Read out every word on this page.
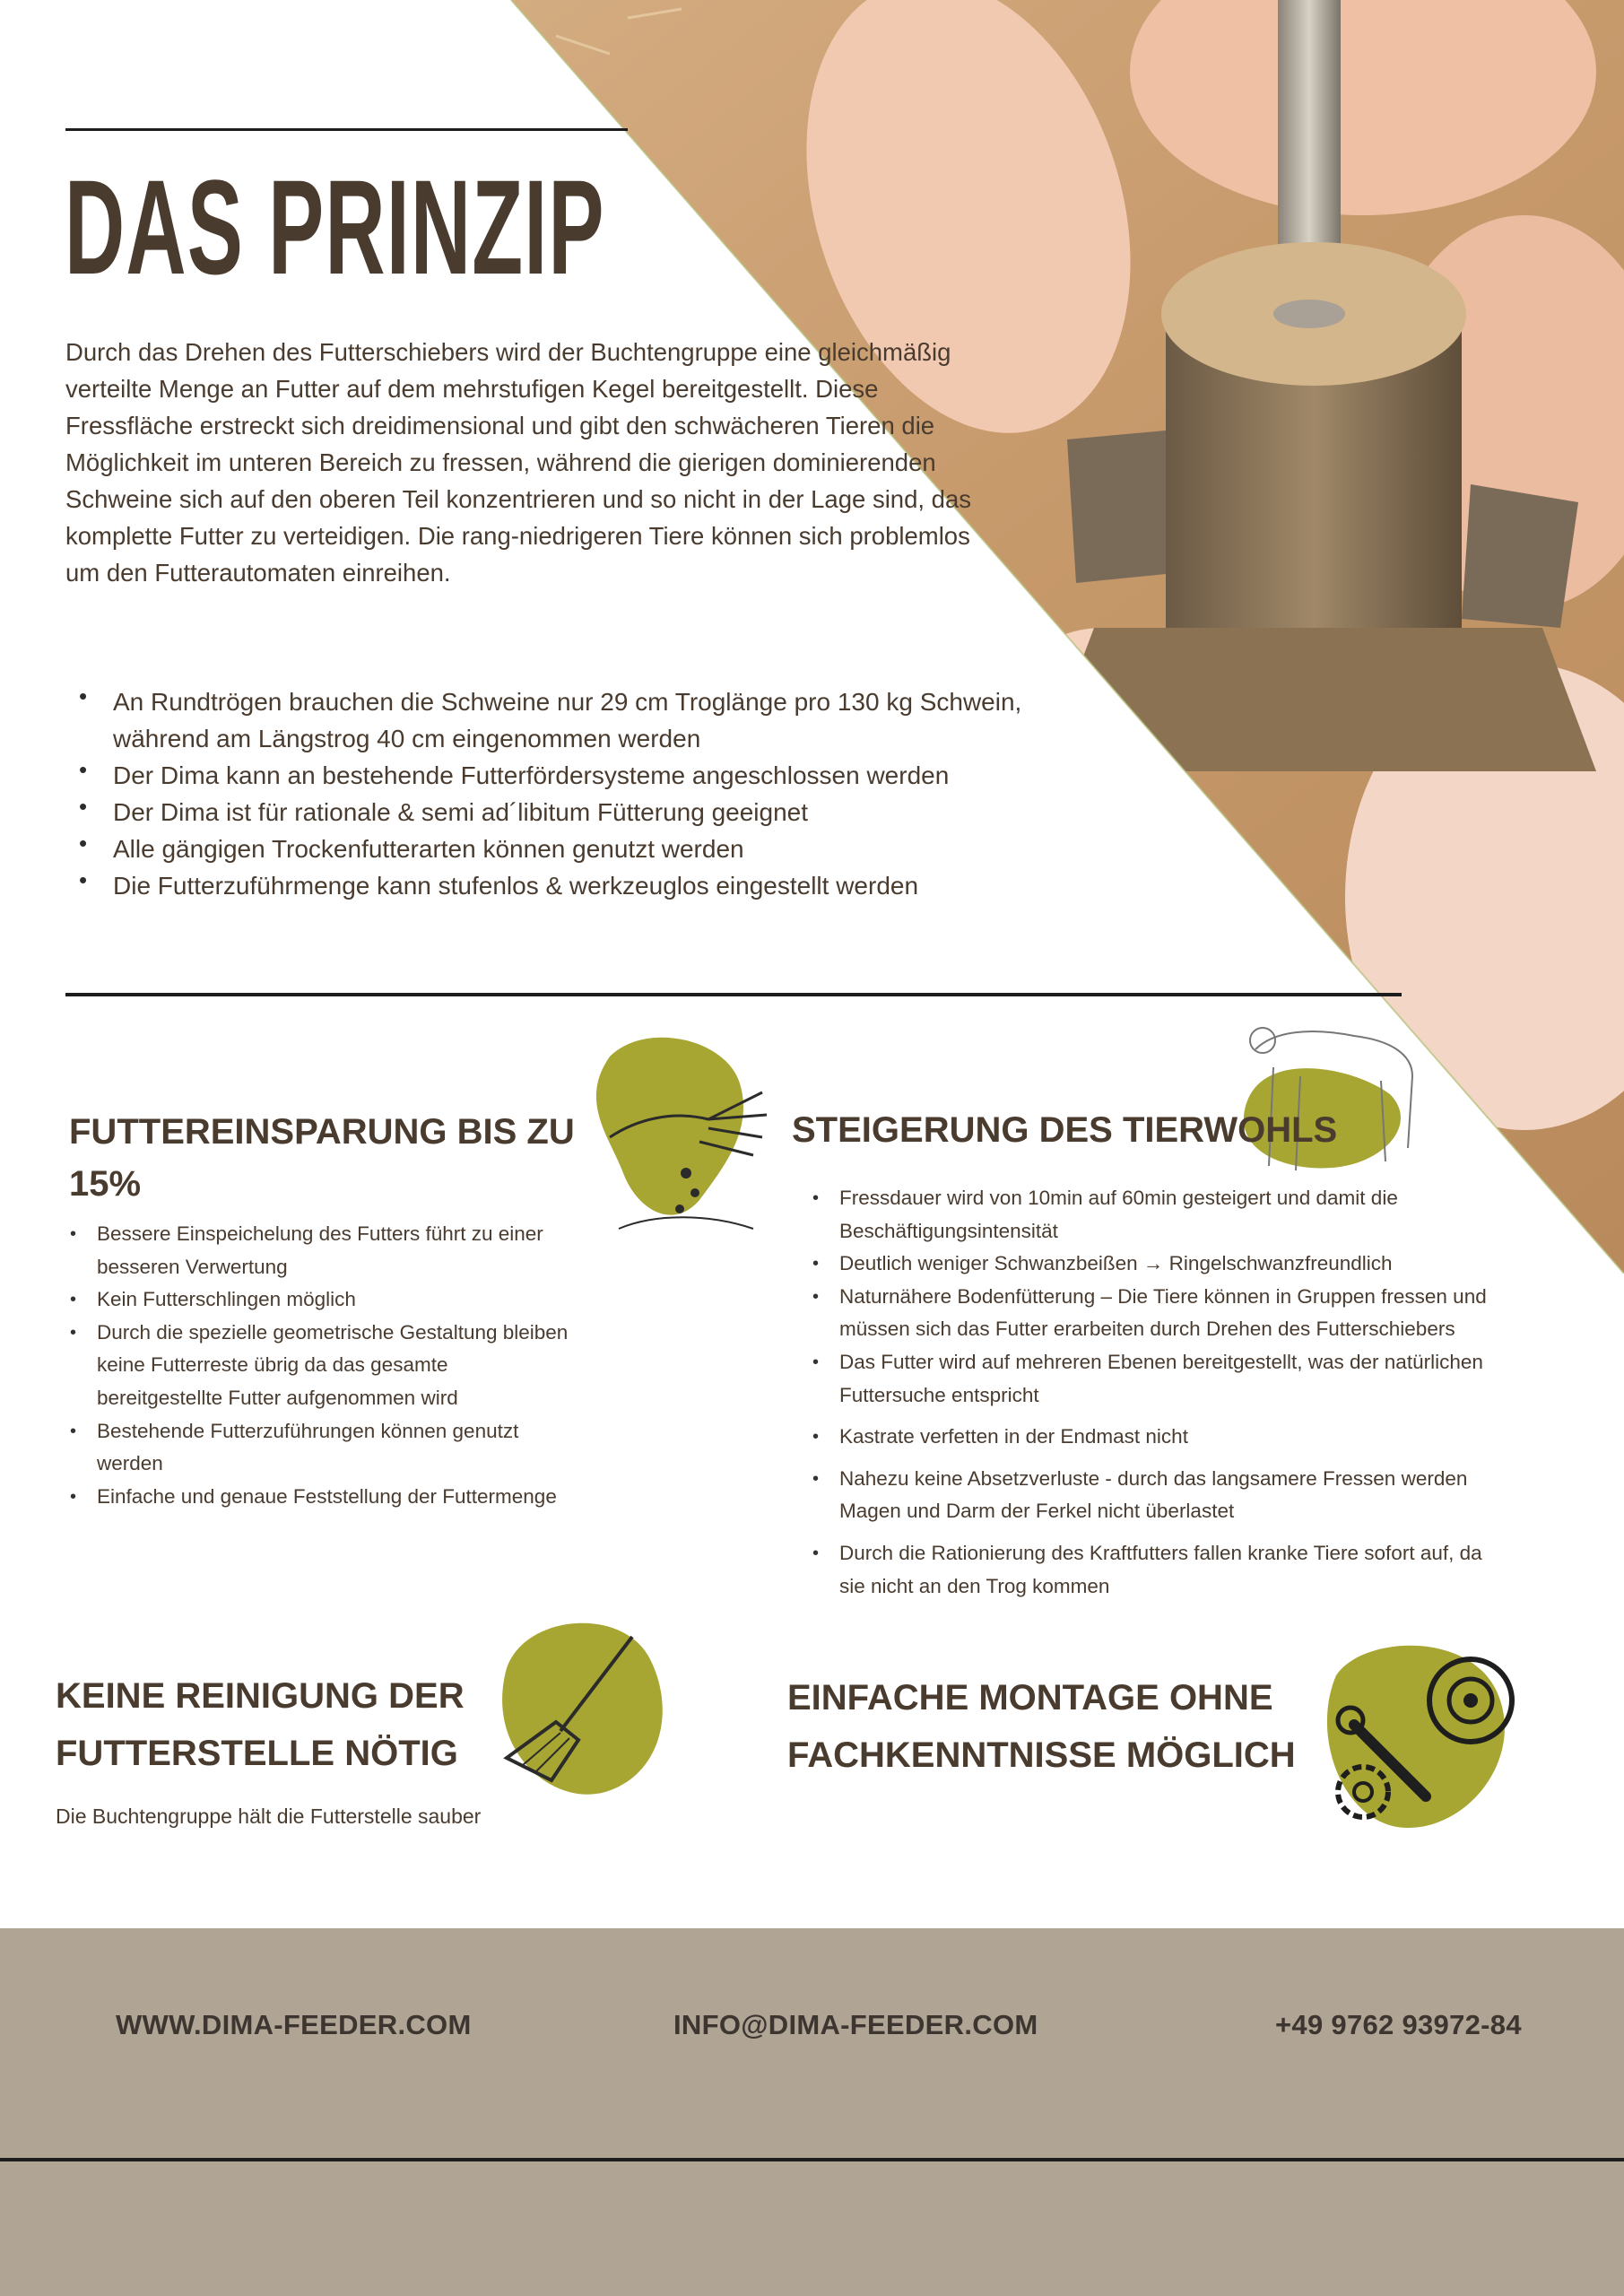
DAS PRINZIP

Durch das Drehen des Futterschiebers wird der Buchtengruppe eine gleichmäßig verteilte Menge an Futter auf dem mehrstufigen Kegel bereitgestellt. Diese Fressfläche erstreckt sich dreidimensional und gibt den schwächeren Tieren die Möglichkeit im unteren Bereich zu fressen, während die gierigen dominierenden Schweine sich auf den oberen Teil konzentrieren und so nicht in der Lage sind, das komplette Futter zu verteidigen. Die rang-niedrigeren Tiere können sich problemlos um den Futterautomaten einreihen.

• An Rundtrögen brauchen die Schweine nur 29 cm Troglänge pro 130 kg Schwein, während am Längstrog 40 cm eingenommen werden
• Der Dima kann an bestehende Futterfördersysteme angeschlossen werden
• Der Dima ist für rationale & semi ad´libitum Fütterung geeignet
• Alle gängigen Trockenfutterarten können genutzt werden
• Die Futterzuführmenge kann stufenlos & werkzeuglos eingestellt werden
FUTTEREINSPARUNG BIS ZU 15%
• Bessere Einspeichelung des Futters führt zu einer besseren Verwertung
• Kein Futterschlingen möglich
• Durch die spezielle geometrische Gestaltung bleiben keine Futterreste übrig da das gesamte bereitgestellte Futter aufgenommen wird
• Bestehende Futterzuführungen können genutzt werden
• Einfache und genaue Feststellung der Futtermenge
STEIGERUNG DES TIERWOHLS
• Fressdauer wird von 10min auf 60min gesteigert und damit die Beschäftigungsintensität
• Deutlich weniger Schwanzbeißen → Ringelschwanzfreundlich
• Naturnähere Bodenfütterung – Die Tiere können in Gruppen fressen und müssen sich das Futter erarbeiten durch Drehen des Futterschiebers
• Das Futter wird auf mehreren Ebenen bereitgestellt, was der natürlichen Futtersuche entspricht
• Kastrate verfetten in der Endmast nicht
• Nahezu keine Absetzverluste - durch das langsamere Fressen werden Magen und Darm der Ferkel nicht überlastet
• Durch die Rationierung des Kraftfutters fallen kranke Tiere sofort auf, da sie nicht an den Trog kommen
KEINE REINIGUNG DER
FUTTERSTELLE NÖTIG
Die Buchtengruppe hält die Futterstelle sauber
EINFACHE MONTAGE OHNE
FACHKENNTNISSE MÖGLICH
WWW.DIMA-FEEDER.COM	INFO@DIMA-FEEDER.COM	+49 9762 93972-84
